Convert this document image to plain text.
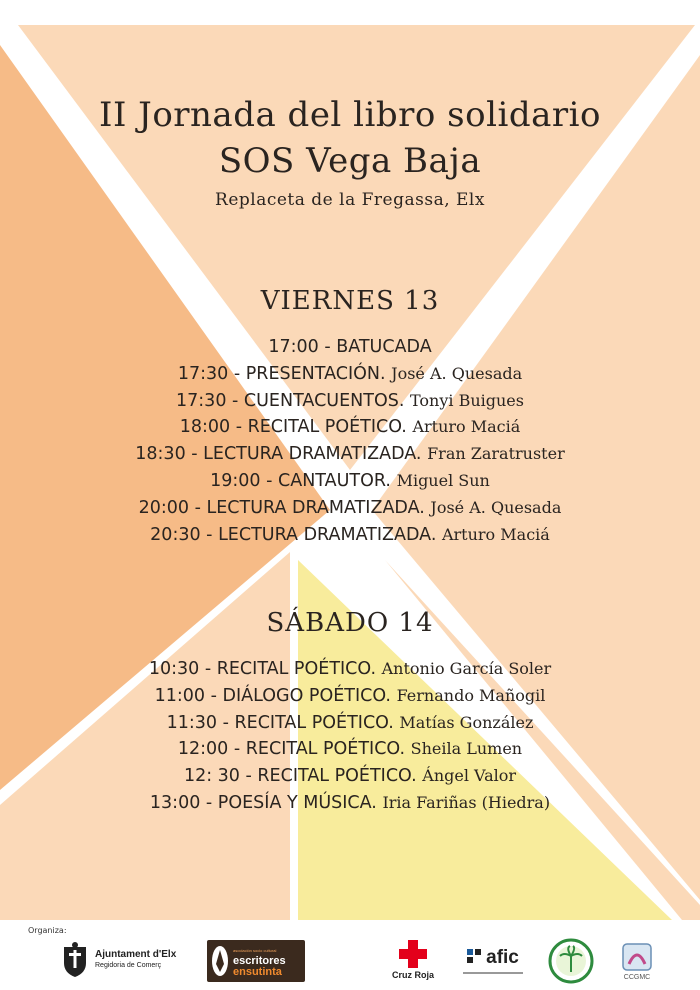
II Jornada del libro solidario
SOS Vega Baja
Replaceta de la Fregassa, Elx
VIERNES 13
17:00 - BATUCADA
17:30 - PRESENTACIÓN. José A. Quesada
17:30 - CUENTACUENTOS. Tonyi Buigues
18:00 - RECITAL POÉTICO. Arturo Maciá
18:30 - LECTURA DRAMATIZADA. Fran Zaratruster
19:00 - CANTAUTOR. Miguel Sun
20:00 - LECTURA DRAMATIZADA. José A. Quesada
20:30 - LECTURA DRAMATIZADA. Arturo Maciá
SÁBADO 14
10:30 - RECITAL POÉTICO. Antonio García Soler
11:00 - DIÁLOGO POÉTICO. Fernando Mañogil
11:30 - RECITAL POÉTICO. Matías González
12:00 - RECITAL POÉTICO. Sheila Lumen
12: 30 - RECITAL POÉTICO. Ángel Valor
13:00 - POESÍA Y MÚSICA. Iria Fariñas (Hiedra)
Organiza:
Ajuntament d'Elx
Regidoria de Comerç
asociación socio cultural
escritores
ensutinta	Cruz Roja
afic
CCGMC
